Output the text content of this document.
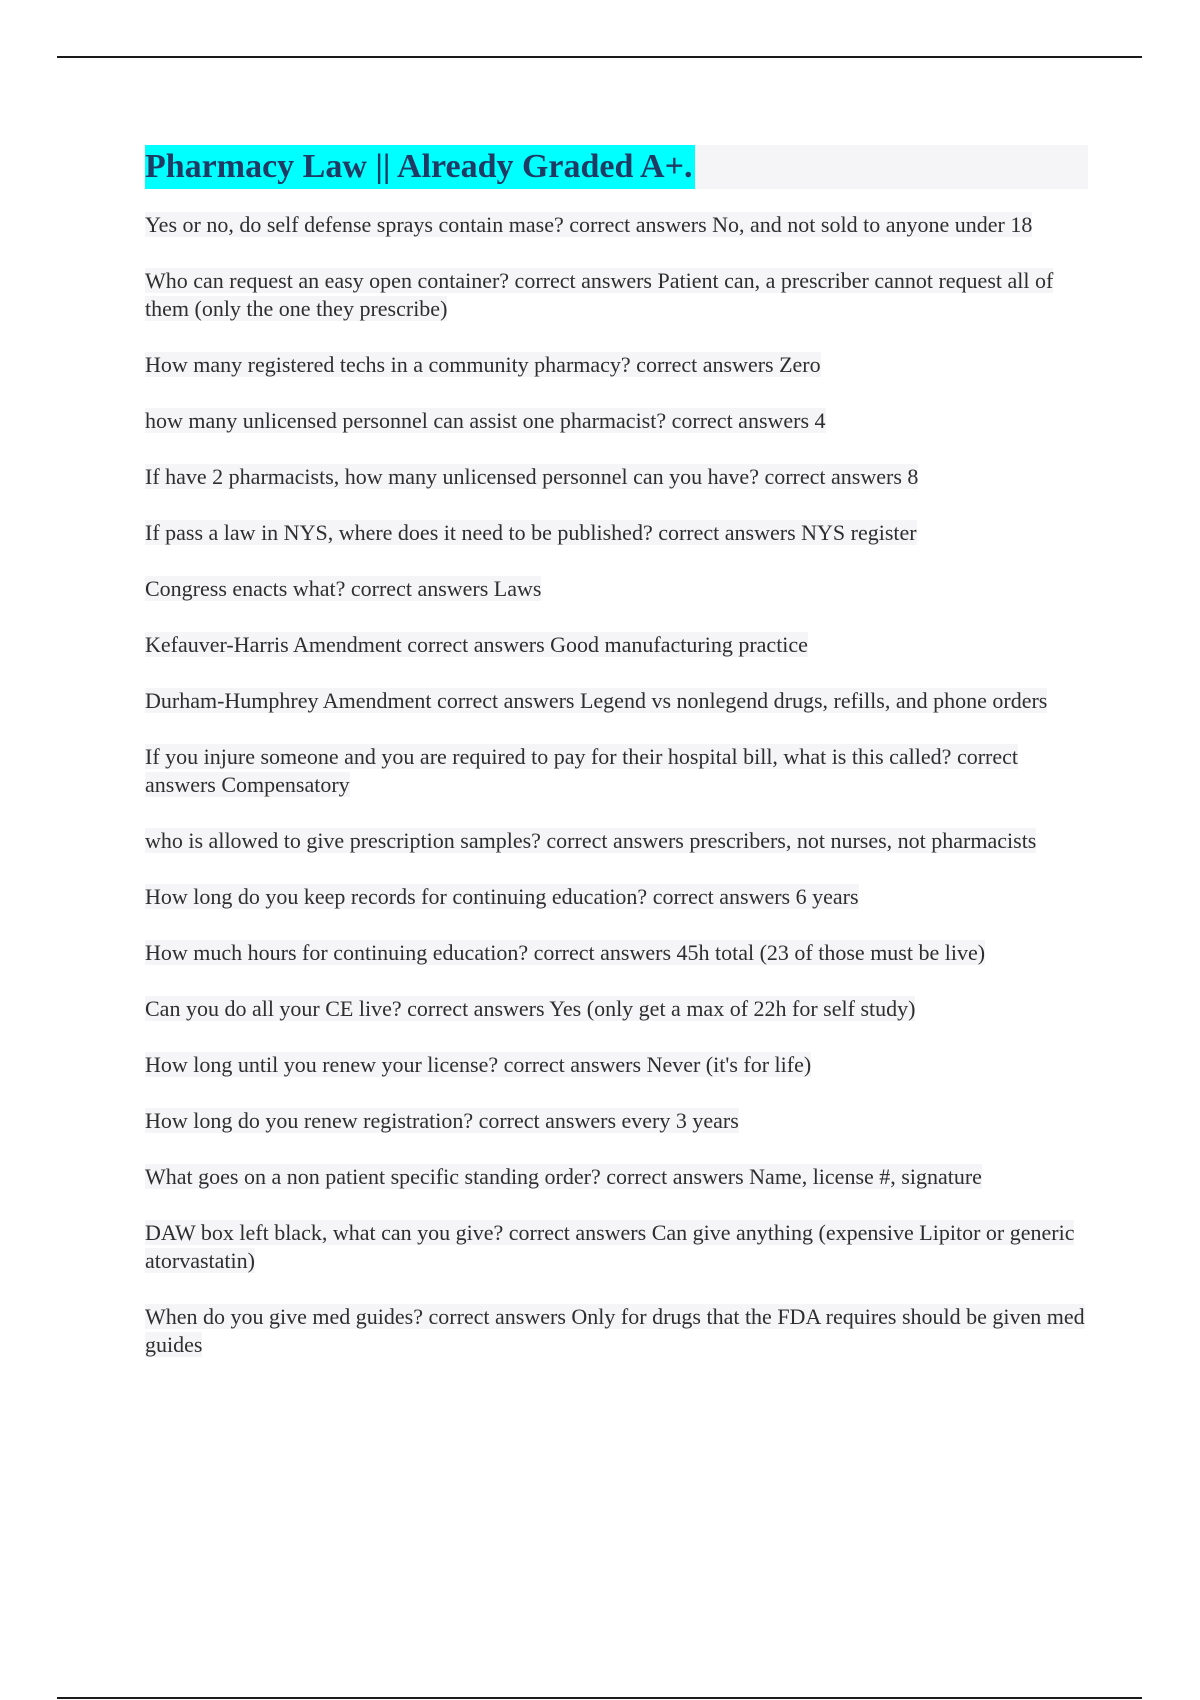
Pharmacy Law || Already Graded A+.
Yes or no, do self defense sprays contain mase? correct answers No, and not sold to anyone under 18
Who can request an easy open container? correct answers Patient can, a prescriber cannot request all of them (only the one they prescribe)
How many registered techs in a community pharmacy? correct answers Zero
how many unlicensed personnel can assist one pharmacist? correct answers 4
If have 2 pharmacists, how many unlicensed personnel can you have? correct answers 8
If pass a law in NYS, where does it need to be published? correct answers NYS register
Congress enacts what? correct answers Laws
Kefauver-Harris Amendment correct answers Good manufacturing practice
Durham-Humphrey Amendment correct answers Legend vs nonlegend drugs, refills, and phone orders
If you injure someone and you are required to pay for their hospital bill, what is this called? correct answers Compensatory
who is allowed to give prescription samples? correct answers prescribers, not nurses, not pharmacists
How long do you keep records for continuing education? correct answers 6 years
How much hours for continuing education? correct answers 45h total (23 of those must be live)
Can you do all your CE live? correct answers Yes (only get a max of 22h for self study)
How long until you renew your license? correct answers Never (it's for life)
How long do you renew registration? correct answers every 3 years
What goes on a non patient specific standing order? correct answers Name, license #, signature
DAW box left black, what can you give? correct answers Can give anything (expensive Lipitor or generic atorvastatin)
When do you give med guides? correct answers Only for drugs that the FDA requires should be given med guides
